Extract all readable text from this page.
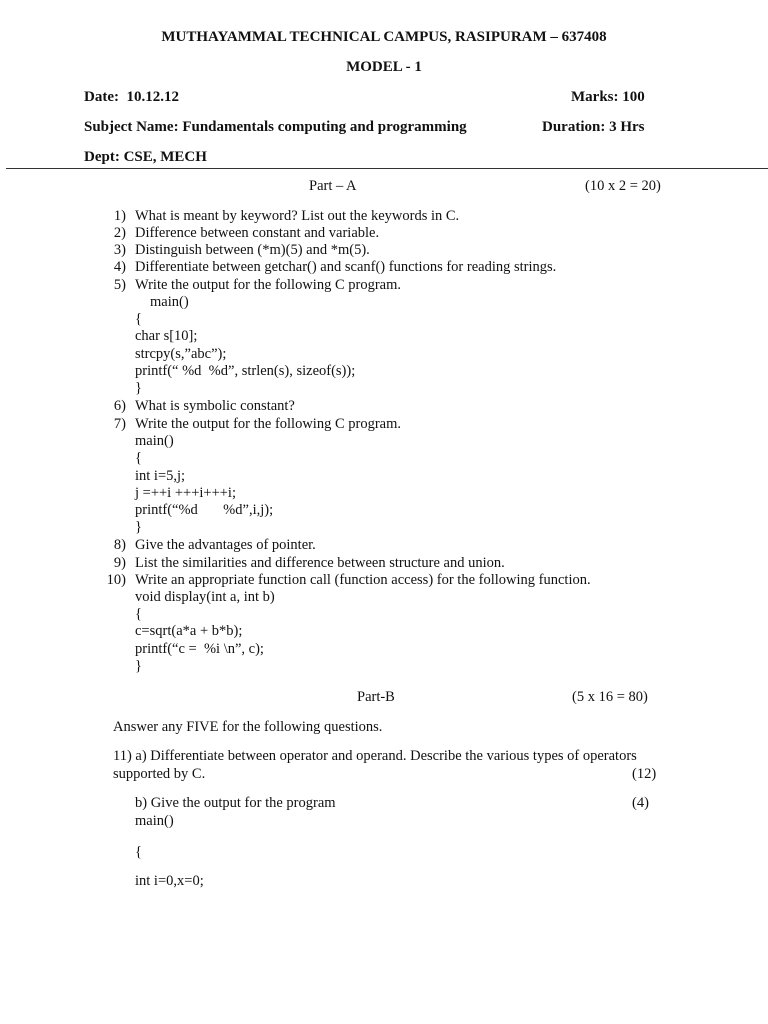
MUTHAYAMMAL TECHNICAL CAMPUS, RASIPURAM – 637408
MODEL - 1
Date:  10.12.12	Marks: 100
Subject Name: Fundamentals computing and programming	Duration: 3 Hrs
Dept: CSE, MECH
Part – A	(10 x 2 = 20)
1) What is meant by keyword? List out the keywords in C.
2) Difference between constant and variable.
3) Distinguish between (*m)(5) and *m(5).
4) Differentiate between getchar() and scanf() functions for reading strings.
5) Write the output for the following C program.
main()
{
char s[10];
strcpy(s,”abc”);
printf(“ %d  %d”, strlen(s), sizeof(s));
}
6) What is symbolic constant?
7) Write the output for the following C program.
main()
{
int i=5,j;
j =++i +++i+++i;
printf(“%d       %d”,i,j);
}
8) Give the advantages of pointer.
9) List the similarities and difference between structure and union.
10) Write an appropriate function call (function access) for the following function.
void display(int a, int b)
{
c=sqrt(a*a + b*b);
printf(“c =  %i \n”, c);
}
Part-B	(5 x 16 = 80)
Answer any FIVE for the following questions.
11) a) Differentiate between operator and operand. Describe the various types of operators
supported by C.	(12)
b) Give the output for the program	(4)
main()
{
int i=0,x=0;
